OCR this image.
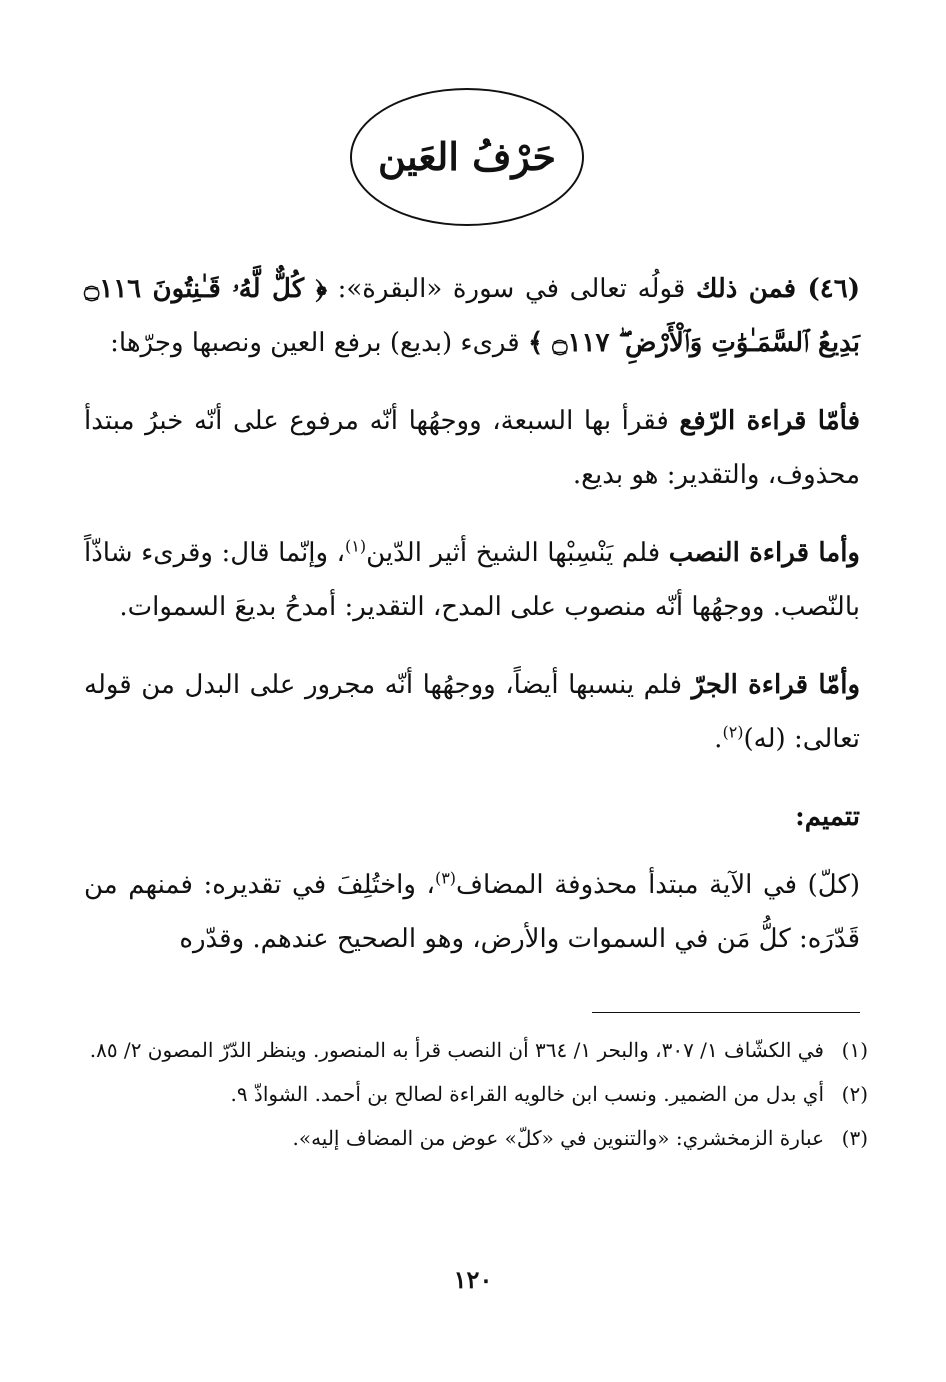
حَرْفُ العَين

(٤٦) فمن ذلك قولُه تعالى في سورة «البقرة»: ﴿ كُلٌّ لَّهُۥ قَـٰنِتُونَ ۝١١٦ بَدِيعُ ٱلسَّمَـٰوَٰتِ وَٱلْأَرْضِ ۖ ۝١١٧ ﴾ قرىء (بديع) برفع العين ونصبها وجرّها:

فأمّا قراءة الرّفع فقرأ بها السبعة، ووجهُها أنّه مرفوع على أنّه خبرُ مبتدأ محذوف، والتقدير: هو بديع.

وأما قراءة النصب فلم يَنْسِبْها الشيخ أثير الدّين$^{(١)}$، وإنّما قال: وقرىء شاذّاً بالنّصب. ووجهُها أنّه منصوب على المدح، التقدير: أمدحُ بديعَ السموات.

وأمّا قراءة الجرّ فلم ينسبها أيضاً، ووجهُها أنّه مجرور على البدل من قوله تعالى: (له)$^{(٢)}$.

تتميم:

(كلّ) في الآية مبتدأ محذوفة المضاف$^{(٣)}$، واختُلِفَ في تقديره: فمنهم من قَدّرَه: كلُّ مَن في السموات والأرض، وهو الصحيح عندهم. وقدّره

(١)
في الكشّاف ١/ ٣٠٧، والبحر ١/ ٣٦٤ أن النصب قرأ به المنصور. وينظر الدّرّ المصون ٢/ ٨٥.
(٢)
أي بدل من الضمير. ونسب ابن خالويه القراءة لصالح بن أحمد. الشواذّ ٩.
(٣)
عبارة الزمخشري: «والتنوين في «كلّ» عوض من المضاف إليه».
١٢٠
